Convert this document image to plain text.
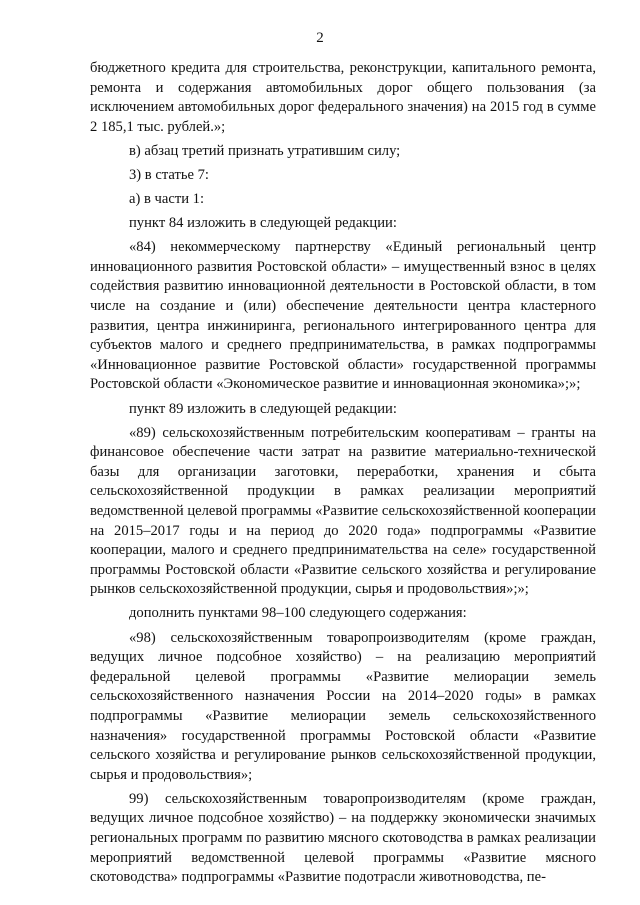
2

бюджетного кредита для строительства, реконструкции, капитального ремонта, ремонта и содержания автомобильных дорог общего пользования (за исключением автомобильных дорог федерального значения) на 2015 год в сумме 2 185,1 тыс. рублей.»;

в) абзац третий признать утратившим силу;

3) в статье 7:

а) в части 1:

пункт 84 изложить в следующей редакции:

«84) некоммерческому партнерству «Единый региональный центр инновационного развития Ростовской области» – имущественный взнос в целях содействия развитию инновационной деятельности в Ростовской области, в том числе на создание и (или) обеспечение деятельности центра кластерного развития, центра инжиниринга, регионального интегрированного центра для субъектов малого и среднего предпринимательства, в рамках подпрограммы «Инновационное развитие Ростовской области» государственной программы Ростовской области «Экономическое развитие и инновационная экономика»;»;

пункт 89 изложить в следующей редакции:

«89) сельскохозяйственным потребительским кооперативам – гранты на финансовое обеспечение части затрат на развитие материально-технической базы для организации заготовки, переработки, хранения и сбыта сельскохозяйственной продукции в рамках реализации мероприятий ведомственной целевой программы «Развитие сельскохозяйственной кооперации на 2015–2017 годы и на период до 2020 года» подпрограммы «Развитие кооперации, малого и среднего предпринимательства на селе» государственной программы Ростовской области «Развитие сельского хозяйства и регулирование рынков сельскохозяйственной продукции, сырья и продовольствия»;»;

дополнить пунктами 98–100 следующего содержания:

«98) сельскохозяйственным товаропроизводителям (кроме граждан, ведущих личное подсобное хозяйство) – на реализацию мероприятий федеральной целевой программы «Развитие мелиорации земель сельскохозяйственного назначения России на 2014–2020 годы» в рамках подпрограммы «Развитие мелиорации земель сельскохозяйственного назначения» государственной программы Ростовской области «Развитие сельского хозяйства и регулирование рынков сельскохозяйственной продукции, сырья и продовольствия»;

99) сельскохозяйственным товаропроизводителям (кроме граждан, ведущих личное подсобное хозяйство) – на поддержку экономически значимых региональных программ по развитию мясного скотоводства в рамках реализации мероприятий ведомственной целевой программы «Развитие мясного скотоводства» подпрограммы «Развитие подотрасли животноводства, пе-
